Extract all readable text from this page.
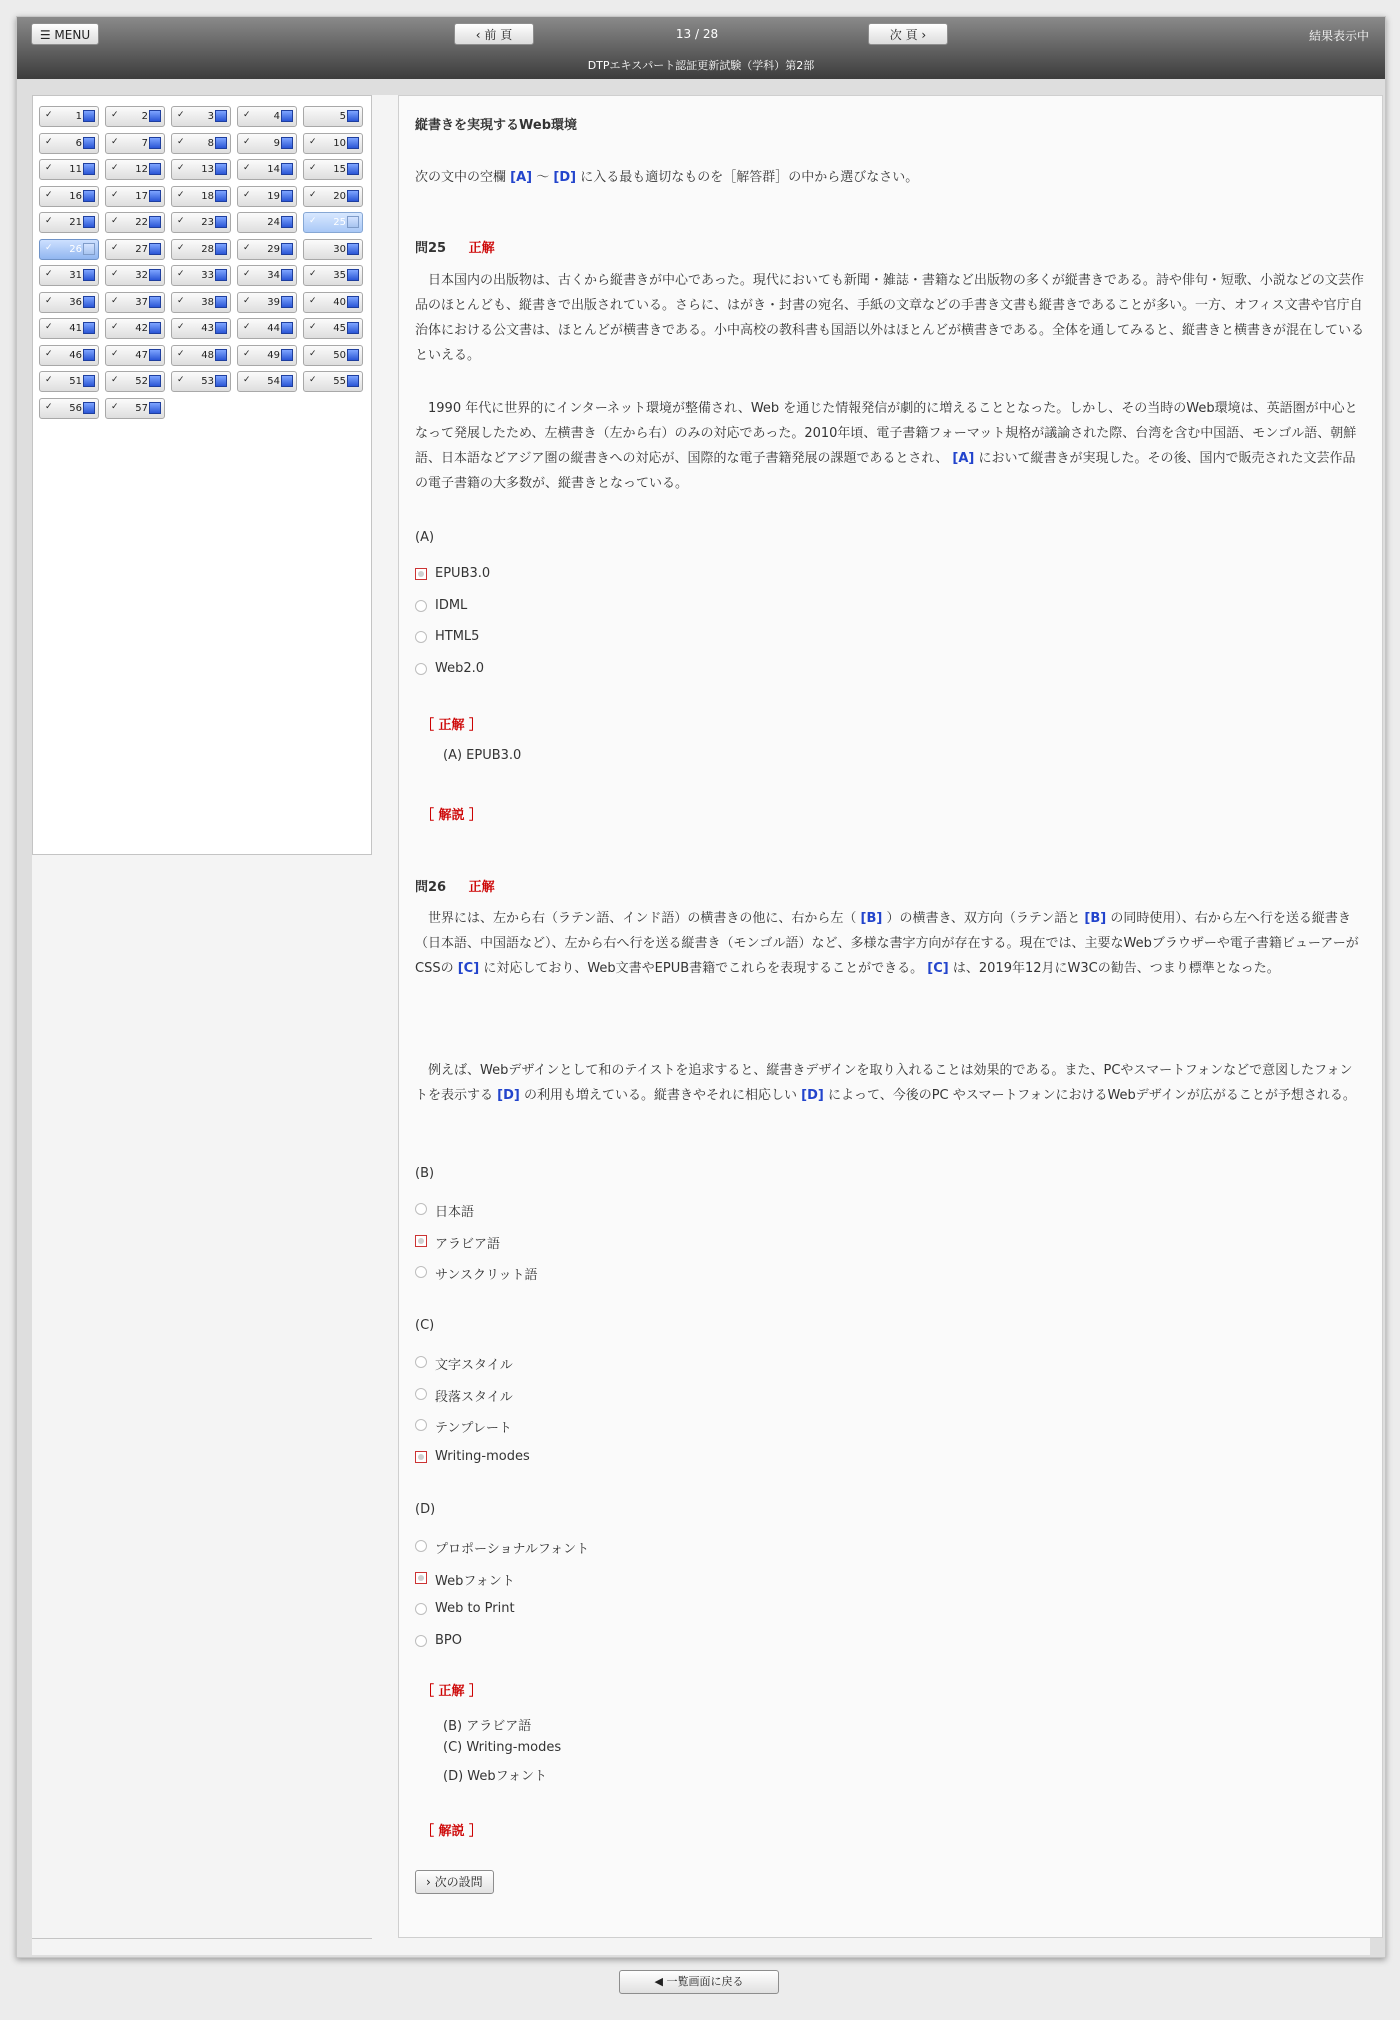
☰ MENU	‹ 前 頁	13 / 28	次 頁 ›	結果表示中
DTPエキスパート認証更新試験（学科）第2部
✓	1	✓	2	✓	3	✓	4	5
✓	6	✓	7	✓	8	✓	9	✓	10
✓	11	✓	12	✓	13	✓	14	✓	15
✓	16	✓	17	✓	18	✓	19	✓	20
✓	21	✓	22	✓	23	24	✓	25
✓	26	✓	27	✓	28	✓	29	30
✓	31	✓	32	✓	33	✓	34	✓	35
✓	36	✓	37	✓	38	✓	39	✓	40
✓	41	✓	42	✓	43	✓	44	✓	45
✓	46	✓	47	✓	48	✓	49	✓	50
✓	51	✓	52	✓	53	✓	54	✓	55
✓	56	✓	57
縦書きを実現するWeb環境
次の文中の空欄 [A] 〜 [D] に入る最も適切なものを［解答群］の中から選びなさい。
問25 正解
日本国内の出版物は、古くから縦書きが中心であった。現代においても新聞・雑誌・書籍など出版物の多くが縦書きである。詩や俳句・短歌、小説などの文芸作品のほとんども、縦書きで出版されている。さらに、はがき・封書の宛名、手紙の文章などの手書き文書も縦書きであることが多い。一方、オフィス文書や官庁自治体における公文書は、ほとんどが横書きである。小中高校の教科書も国語以外はほとんどが横書きである。全体を通してみると、縦書きと横書きが混在しているといえる。
1990 年代に世界的にインターネット環境が整備され、Web を通じた情報発信が劇的に増えることとなった。しかし、その当時のWeb環境は、英語圏が中心となって発展したため、左横書き（左から右）のみの対応であった。2010年頃、電子書籍フォーマット規格が議論された際、台湾を含む中国語、モンゴル語、朝鮮語、日本語などアジア圏の縦書きへの対応が、国際的な電子書籍発展の課題であるとされ、 [A] において縦書きが実現した。その後、国内で販売された文芸作品の電子書籍の大多数が、縦書きとなっている。
(A)
EPUB3.0
IDML
HTML5
Web2.0
［ 正解 ］
(A) EPUB3.0
［ 解説 ］
問26 正解
世界には、左から右（ラテン語、インド語）の横書きの他に、右から左（ [B] ）の横書き、双方向（ラテン語と [B] の同時使用）、右から左へ行を送る縦書き（日本語、中国語など）、左から右へ行を送る縦書き（モンゴル語）など、多様な書字方向が存在する。現在では、主要なWebブラウザーや電子書籍ビューアーがCSSの [C] に対応しており、Web文書やEPUB書籍でこれらを表現することができる。 [C] は、2019年12月にW3Cの勧告、つまり標準となった。
例えば、Webデザインとして和のテイストを追求すると、縦書きデザインを取り入れることは効果的である。また、PCやスマートフォンなどで意図したフォントを表示する [D] の利用も増えている。縦書きやそれに相応しい [D] によって、今後のPC やスマートフォンにおけるWebデザインが広がることが予想される。
(B)
日本語
アラビア語
サンスクリット語
(C)
文字スタイル
段落スタイル
テンプレート
Writing-modes
(D)
プロポーショナルフォント
Webフォント
Web to Print
BPO
［ 正解 ］
(B) アラビア語
(C) Writing-modes
(D) Webフォント
［ 解説 ］
› 次の設問
◀ 一覧画面に戻る
